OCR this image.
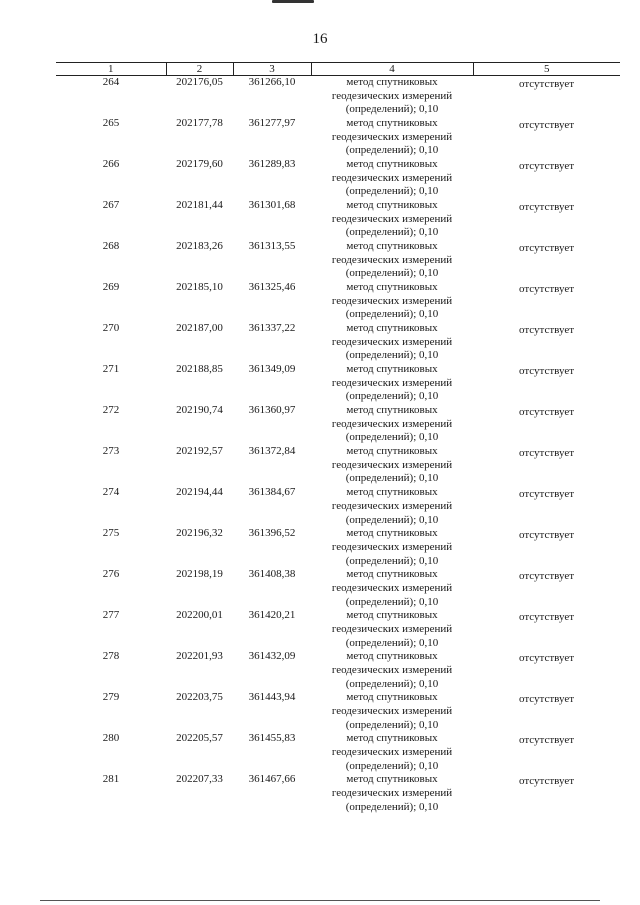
16
1	2	3	4	5
264	202176,05	361266,10	метод спутниковых
геодезических измерений
(определений); 0,10	отсутствует
265	202177,78	361277,97	метод спутниковых
геодезических измерений
(определений); 0,10	отсутствует
266	202179,60	361289,83	метод спутниковых
геодезических измерений
(определений); 0,10	отсутствует
267	202181,44	361301,68	метод спутниковых
геодезических измерений
(определений); 0,10	отсутствует
268	202183,26	361313,55	метод спутниковых
геодезических измерений
(определений); 0,10	отсутствует
269	202185,10	361325,46	метод спутниковых
геодезических измерений
(определений); 0,10	отсутствует
270	202187,00	361337,22	метод спутниковых
геодезических измерений
(определений); 0,10	отсутствует
271	202188,85	361349,09	метод спутниковых
геодезических измерений
(определений); 0,10	отсутствует
272	202190,74	361360,97	метод спутниковых
геодезических измерений
(определений); 0,10	отсутствует
273	202192,57	361372,84	метод спутниковых
геодезических измерений
(определений); 0,10	отсутствует
274	202194,44	361384,67	метод спутниковых
геодезических измерений
(определений); 0,10	отсутствует
275	202196,32	361396,52	метод спутниковых
геодезических измерений
(определений); 0,10	отсутствует
276	202198,19	361408,38	метод спутниковых
геодезических измерений
(определений); 0,10	отсутствует
277	202200,01	361420,21	метод спутниковых
геодезических измерений
(определений); 0,10	отсутствует
278	202201,93	361432,09	метод спутниковых
геодезических измерений
(определений); 0,10	отсутствует
279	202203,75	361443,94	метод спутниковых
геодезических измерений
(определений); 0,10	отсутствует
280	202205,57	361455,83	метод спутниковых
геодезических измерений
(определений); 0,10	отсутствует
281	202207,33	361467,66	метод спутниковых
геодезических измерений
(определений); 0,10	отсутствует
